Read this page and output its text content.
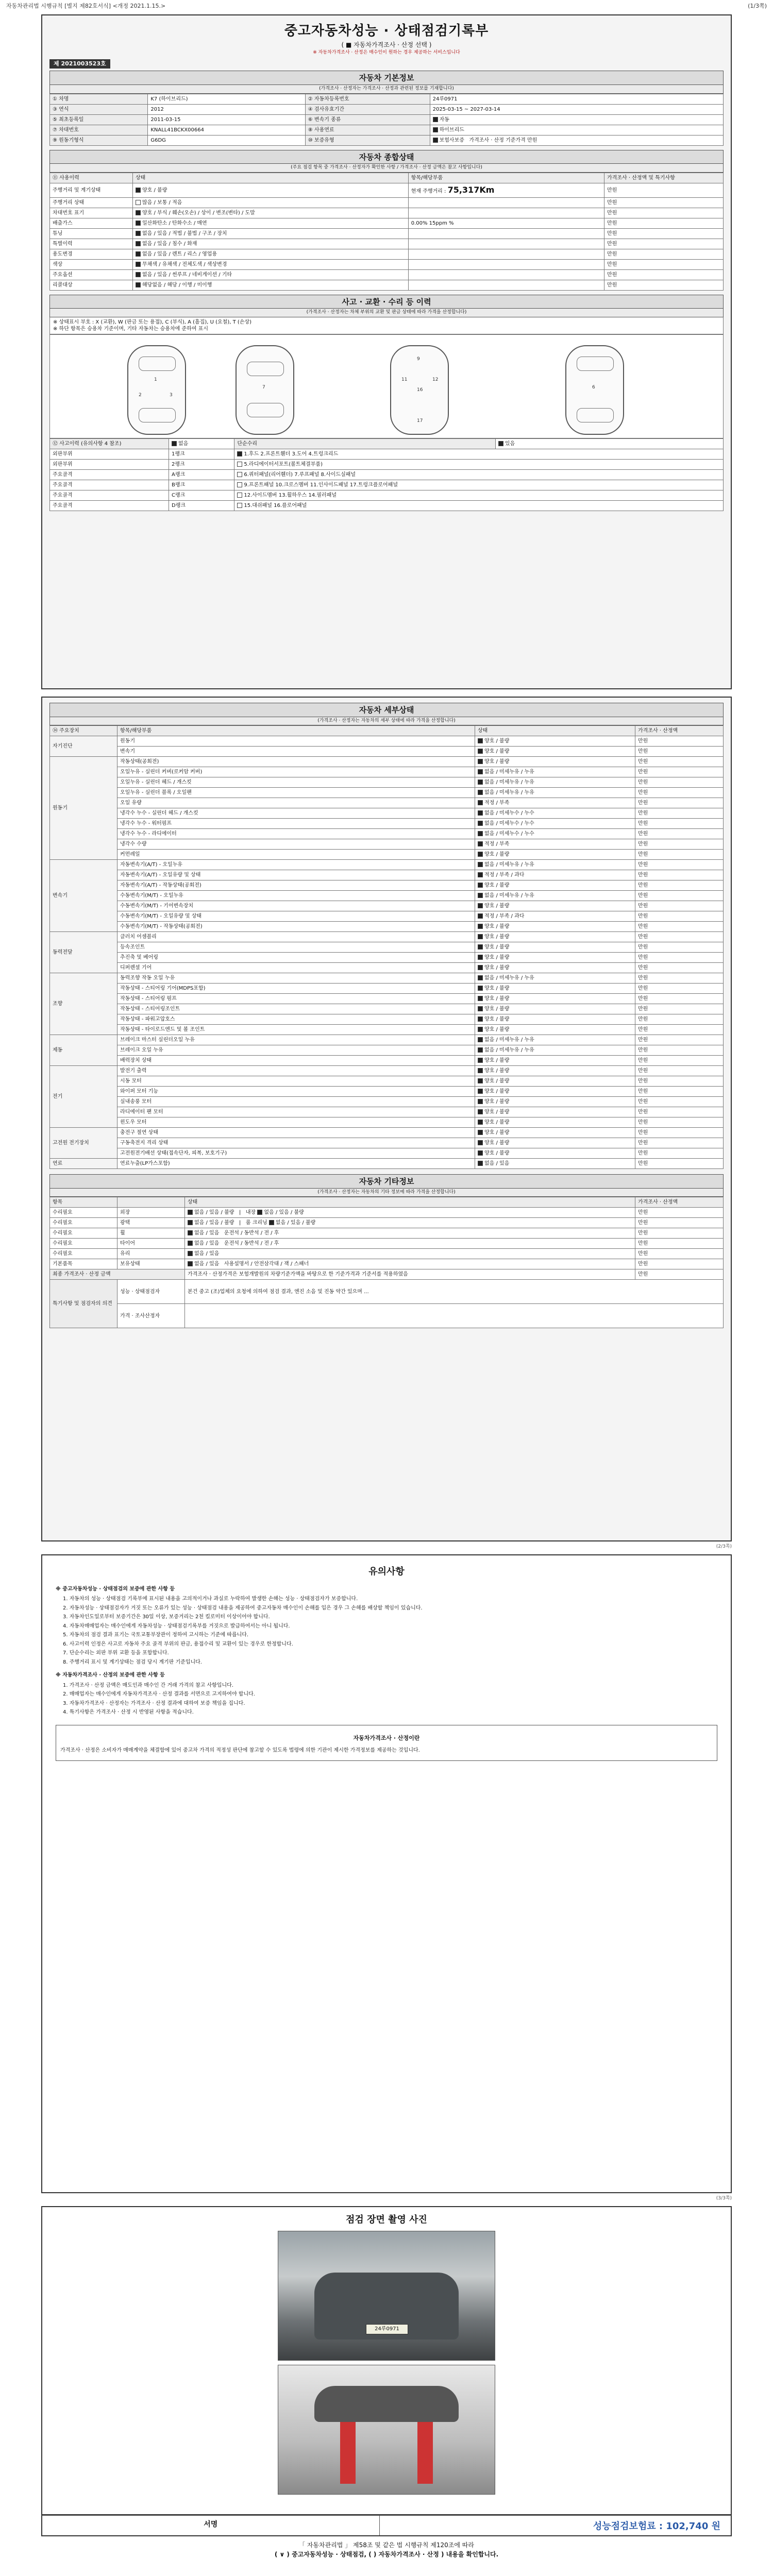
자동차관리법 시행규칙 [별지 제82호서식] <개정 2021.1.15.>	(1/3쪽)
중고자동차성능 · 상태점검기록부
( ■ 자동차가격조사 · 산정 선택 )
※ 자동차가격조사 · 산정은 매수인이 원하는 경우 제공하는 서비스입니다
제 2021003523호
자동차 기본정보
(가격조사 · 산정자는 가격조사 · 산정과 관련된 정보를 기재합니다)
① 차명	K7 (하이브리드)	② 자동차등록번호	24루0971
③ 연식	2012	④ 검사유효기간	2025-03-15 ~ 2027-03-14
⑤ 최초등록일	2011-03-15	⑥ 변속기 종류	자동
⑦ 차대번호	KNALL41BCKX00664	⑧ 사용연료	하이브리드
⑨ 원동기형식	G6DG	⑩ 보증유형	보험사보증 가격조사 · 산정 기준가격 만원
자동차 종합상태
(주요 점검 항목 중 가격조사 · 산정자가 확인한 사항 / 가격조사 · 산정 금액은 참고 사항입니다)
⑪ 사용이력	상태	항목/해당부품	가격조사 · 산정액 및 특기사항
주행거리 및 계기상태	양호 / 불량	현재 주행거리 : 75,317Km	만원
주행거리 상태	많음 / 보통 / 적음		만원
차대번호 표기	양호 / 부식 / 훼손(오손) / 상이 / 변조(변타) / 도말		만원
배출가스	일산화탄소 / 탄화수소 / 매연	0.00% 15ppm %	만원
튜닝	없음 / 있음 / 적법 / 불법 / 구조 / 장치		만원
특별이력	없음 / 있음 / 침수 / 화재		만원
용도변경	없음 / 있음 / 렌트 / 리스 / 영업용		만원
색상	무채색 / 유채색 / 전체도색 / 색상변경		만원
주요옵션	없음 / 있음 / 썬루프 / 네비게이션 / 기타		만원
리콜대상	해당없음 / 해당 / 이행 / 미이행		만원
사고 · 교환 · 수리 등 이력
(가격조사 · 산정자는 차체 부위의 교환 및 판금 상태에 따라 가격을 산정합니다)
※ 상태표시 부호 : X (교환), W (판금 또는 용접), C (부식), A (흠집), U (요철), T (손상)
※ 하단 항목은 승용차 기준이며, 기타 자동차는 승용차에 준하여 표시
1
2	3
7
9
11
16
12
17
6
⑫ 사고이력 (유의사항 4 참조)	없음	단순수리	있음
외판부위	1랭크	1.후드 2.프론트휀더 3.도어 4.트렁크리드	
외판부위	2랭크	5.라디에이터서포트(볼트체결부품)	
주요골격	A랭크	6.쿼터패널(리어휀더) 7.루프패널 8.사이드실패널	
주요골격	B랭크	9.프론트패널 10.크로스멤버 11.인사이드패널 17.트렁크플로어패널	
주요골격	C랭크	12.사이드멤버 13.휠하우스 14.필러패널	
주요골격	D랭크	15.대쉬패널 16.플로어패널	
자동차 세부상태
(가격조사 · 산정자는 자동차의 세부 상태에 따라 가격을 산정합니다)
⑭ 주요장치	항목/해당부품	상태	가격조사 · 산정액
자기진단	원동기	양호 / 불량	만원
	변속기	양호 / 불량	만원
원동기	작동상태(공회전)	양호 / 불량	만원
	오일누유 - 실린더 커버(로커암 커버)	없음 / 미세누유 / 누유	만원
	오일누유 - 실린더 헤드 / 개스킷	없음 / 미세누유 / 누유	만원
	오일누유 - 실린더 블록 / 오일팬	없음 / 미세누유 / 누유	만원
	오일 유량	적정 / 부족	만원
	냉각수 누수 - 실린더 헤드 / 개스킷	없음 / 미세누수 / 누수	만원
	냉각수 누수 - 워터펌프	없음 / 미세누수 / 누수	만원
	냉각수 누수 - 라디에이터	없음 / 미세누수 / 누수	만원
	냉각수 수량	적정 / 부족	만원
	커먼레일	양호 / 불량	만원
변속기	자동변속기(A/T) - 오일누유	없음 / 미세누유 / 누유	만원
	자동변속기(A/T) - 오일유량 및 상태	적정 / 부족 / 과다	만원
	자동변속기(A/T) - 작동상태(공회전)	양호 / 불량	만원
	수동변속기(M/T) - 오일누유	없음 / 미세누유 / 누유	만원
	수동변속기(M/T) - 기어변속장치	양호 / 불량	만원
	수동변속기(M/T) - 오일유량 및 상태	적정 / 부족 / 과다	만원
	수동변속기(M/T) - 작동상태(공회전)	양호 / 불량	만원
동력전달	클러치 어셈블리	양호 / 불량	만원
	등속조인트	양호 / 불량	만원
	추진축 및 베어링	양호 / 불량	만원
	디퍼렌셜 기어	양호 / 불량	만원
조향	동력조향 작동 오일 누유	없음 / 미세누유 / 누유	만원
	작동상태 - 스티어링 기어(MDPS포함)	양호 / 불량	만원
	작동상태 - 스티어링 펌프	양호 / 불량	만원
	작동상태 - 스티어링조인트	양호 / 불량	만원
	작동상태 - 파워고압호스	양호 / 불량	만원
	작동상태 - 타이로드엔드 및 볼 조인트	양호 / 불량	만원
제동	브레이크 마스터 실린더오일 누유	없음 / 미세누유 / 누유	만원
	브레이크 오일 누유	없음 / 미세누유 / 누유	만원
	배력장치 상태	양호 / 불량	만원
전기	발전기 출력	양호 / 불량	만원
	시동 모터	양호 / 불량	만원
	와이퍼 모터 기능	양호 / 불량	만원
	실내송풍 모터	양호 / 불량	만원
	라디에이터 팬 모터	양호 / 불량	만원
	윈도우 모터	양호 / 불량	만원
고전원 전기장치	충전구 절연 상태	양호 / 불량	만원
	구동축전지 격리 상태	양호 / 불량	만원
	고전원전기배선 상태(접속단자, 피복, 보호기구)	양호 / 불량	만원
연료	연료누출(LP가스포함)	없음 / 있음	만원
자동차 기타정보
(가격조사 · 산정자는 자동차의 기타 정보에 따라 가격을 산정합니다)
항목		상태	가격조사 · 산정액
수리필요	외장	없음 / 있음 / 불량   |   내장 없음 / 있음 / 불량	만원
수리필요	광택	없음 / 있음 / 불량   |   룸 크리닝 없음 / 있음 / 불량	만원
수리필요	휠	없음 / 있음 운전석 / 동반석 / 전 / 후	만원
수리필요	타이어	없음 / 있음 운전석 / 동반석 / 전 / 후	만원
수리필요	유리	없음 / 있음	만원
기본품목	보유상태	없음 / 있음 사용설명서 / 안전삼각대 / 잭 / 스패너	만원
최종 가격조사 · 산정 금액		가격조사 · 산정가격은 보험개발원의 차량기준가액을 바탕으로 한 기준가격과 기준서를 적용하였음	만원
특기사항 및 점검자의 의견	성능 · 상태점검자	본건 중고 (조)업체의 요청에 의하여 점검 결과, 엔진 소음 및 진동 약간 있으며 ...	
	가격 · 조사산정자		
(2/3쪽)
유의사항
※ 중고자동차성능 · 상태점검의 보증에 관한 사항 등

1. 자동차의 성능 · 상태점검 기록부에 표시된 내용을 고의적이거나 과실로 누락하여 발생한 손해는 성능 · 상태점검자가 보증합니다.

2. 자동차성능 · 상태점검자가 거짓 또는 오류가 있는 성능 · 상태점검 내용을 제공하여 중고자동차 매수인이 손해를 입은 경우 그 손해를 배상할 책임이 있습니다.

3. 자동차인도일로부터 보증기간은 30일 이상, 보증거리는 2천 킬로미터 이상이어야 합니다.

4. 자동차매매업자는 매수인에게 자동차성능 · 상태점검기록부를 거짓으로 발급하여서는 아니 됩니다.

5. 자동차의 점검 결과 표기는 국토교통부장관이 정하여 고시하는 기준에 따릅니다.

6. 사고이력 인정은 사고로 자동차 주요 골격 부위의 판금, 용접수리 및 교환이 있는 경우로 한정합니다.

7. 단순수리는 외판 부위 교환 등을 포함합니다.

8. 주행거리 표시 및 계기상태는 점검 당시 계기판 기준입니다.

※ 자동차가격조사 · 산정의 보증에 관한 사항 등

1. 가격조사 · 산정 금액은 매도인과 매수인 간 거래 가격의 참고 사항입니다.

2. 매매업자는 매수인에게 자동차가격조사 · 산정 결과를 서면으로 고지하여야 합니다.

3. 자동차가격조사 · 산정자는 가격조사 · 산정 결과에 대하여 보증 책임을 집니다.

4. 특기사항은 가격조사 · 산정 시 반영된 사항을 적습니다.

자동차가격조사 · 산정이란
가격조사 · 산정은 소비자가 매매계약을 체결함에 있어 중고차 가격의 적정성 판단에 참고할 수 있도록 법령에 의한 기관이 제시한 가격정보를 제공하는 것입니다.
(3/3쪽)
점검 장면 촬영 사진
24루0971
서명	성능점검보험료 : 102,740 원
「 자동차관리법 」 제58조 및 같은 법 시행규칙 제120조에 따라
( ∨ ) 중고자동차성능 · 상태점검, ( ) 자동차가격조사 · 산정 ) 내용을 확인합니다.
